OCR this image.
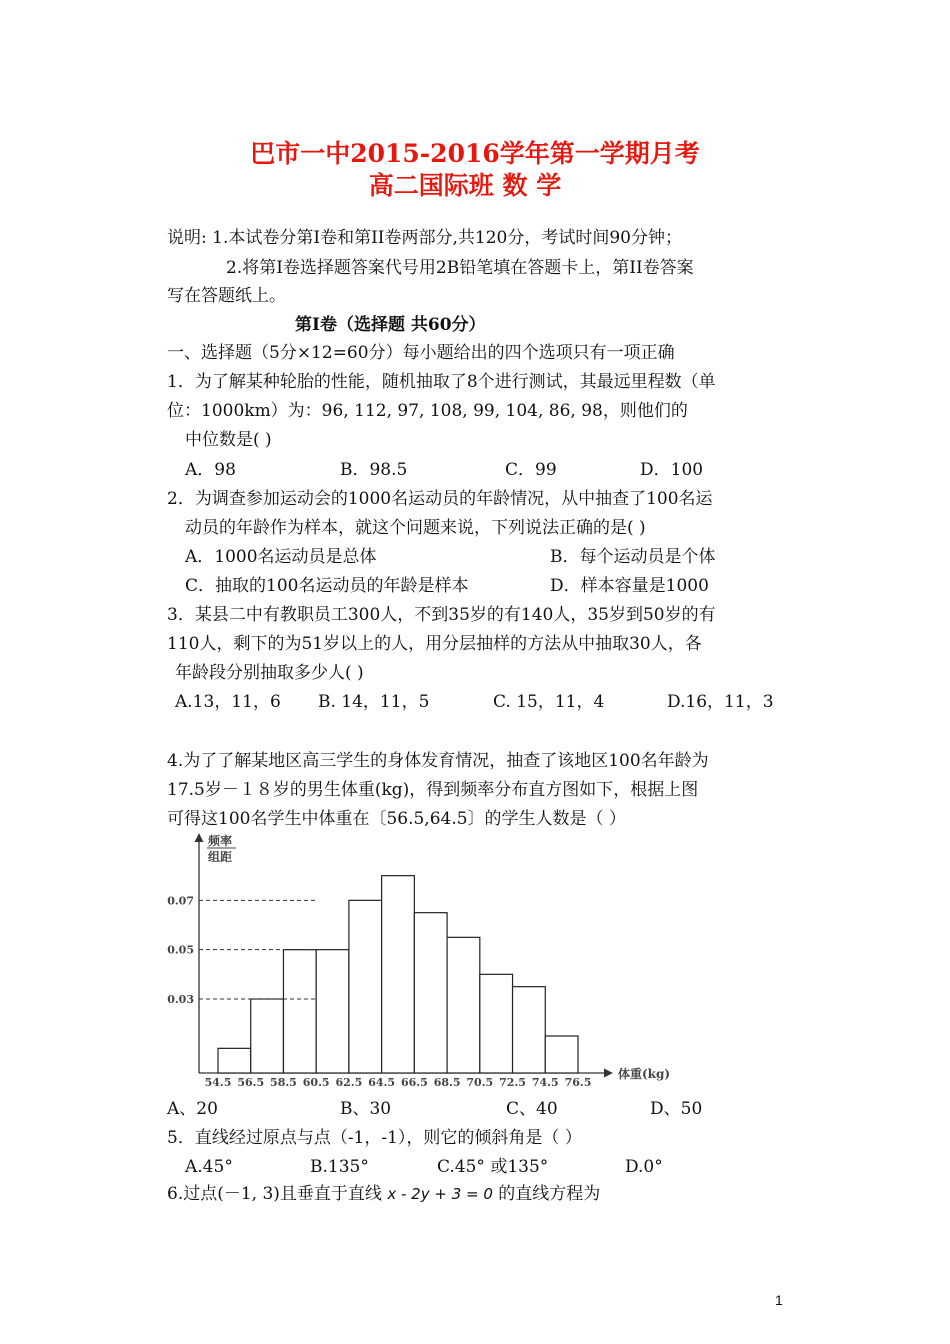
巴市一中2015-2016学年第一学期月考
高二国际班 数 学
说明: 1.本试卷分第Ⅰ卷和第II卷两部分,共120分，考试时间90分钟；
2.将第Ⅰ卷选择题答案代号用2B铅笔填在答题卡上，第II卷答案
写在答题纸上。
第Ⅰ卷（选择题 共60分）
一、选择题（5分×12=60分）每小题给出的四个选项只有一项正确
1．为了解某种轮胎的性能，随机抽取了8个进行测试，其最远里程数（单
位：1000km）为：96, 112, 97, 108, 99, 104, 86, 98，则他们的
中位数是( )
A．98	B．98.5	C．99	D．100
2．为调查参加运动会的1000名运动员的年龄情况，从中抽查了100名运
动员的年龄作为样本，就这个问题来说，下列说法正确的是( )
A．1000名运动员是总体	B．每个运动员是个体
C．抽取的100名运动员的年龄是样本	D．样本容量是1000
3．某县二中有教职员工300人，不到35岁的有140人，35岁到50岁的有
110人，剩下的为51岁以上的人，用分层抽样的方法从中抽取30人，各
年龄段分别抽取多少人( )
A.13，11，6 B. 14，11，5	C. 15，11，4	D.16，11，3
4.为了了解某地区高三学生的身体发育情况，抽查了该地区100名年龄为
17.5岁－１８岁的男生体重(kg)，得到频率分布直方图如下，根据上图
可得这100名学生中体重在〔56.5,64.5〕的学生人数是（ ）
频率
组距
体重(kg)
0.03
0.05
0.07
54.5 56.5 58.5 60.5 62.5 64.5 66.5 68.5 70.5 72.5 74.5 76.5
A、20	B、30	C、40	D、50
5．直线经过原点与点（-1，-1），则它的倾斜角是（ ）
A.45°	B.135°	C.45° 或135°	D.0°
6.过点(－1, 3)且垂直于直线 x - 2y + 3 = 0 的直线方程为
1
